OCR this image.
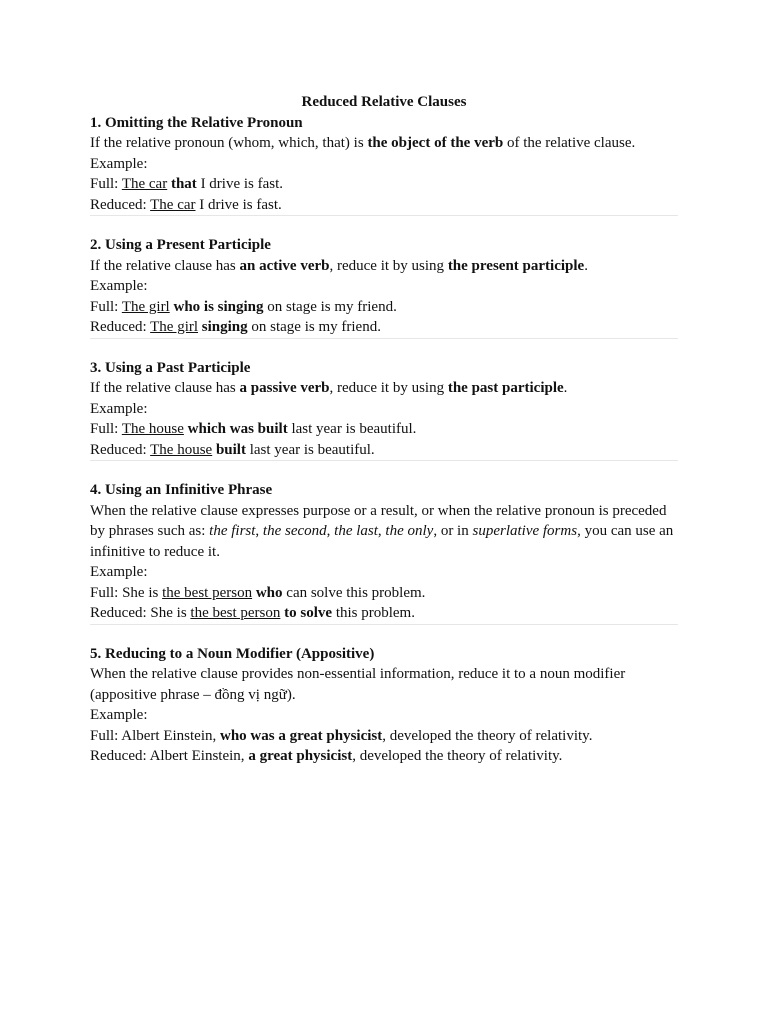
Reduced Relative Clauses

1. Omitting the Relative Pronoun

If the relative pronoun (whom, which, that) is the object of the verb of the relative clause.

Example:

Full: The car that I drive is fast.

Reduced: The car I drive is fast.

2. Using a Present Participle

If the relative clause has an active verb, reduce it by using the present participle.

Example:

Full: The girl who is singing on stage is my friend.

Reduced: The girl singing on stage is my friend.

3. Using a Past Participle

If the relative clause has a passive verb, reduce it by using the past participle.

Example:

Full: The house which was built last year is beautiful.

Reduced: The house built last year is beautiful.

4. Using an Infinitive Phrase

When the relative clause expresses purpose or a result, or when the relative pronoun is preceded by phrases such as: the first, the second, the last, the only, or in superlative forms, you can use an infinitive to reduce it.

Example:

Full: She is the best person who can solve this problem.

Reduced: She is the best person to solve this problem.

5. Reducing to a Noun Modifier (Appositive)

When the relative clause provides non-essential information, reduce it to a noun modifier (appositive phrase – đồng vị ngữ).

Example:

Full: Albert Einstein, who was a great physicist, developed the theory of relativity.

Reduced: Albert Einstein, a great physicist, developed the theory of relativity.
